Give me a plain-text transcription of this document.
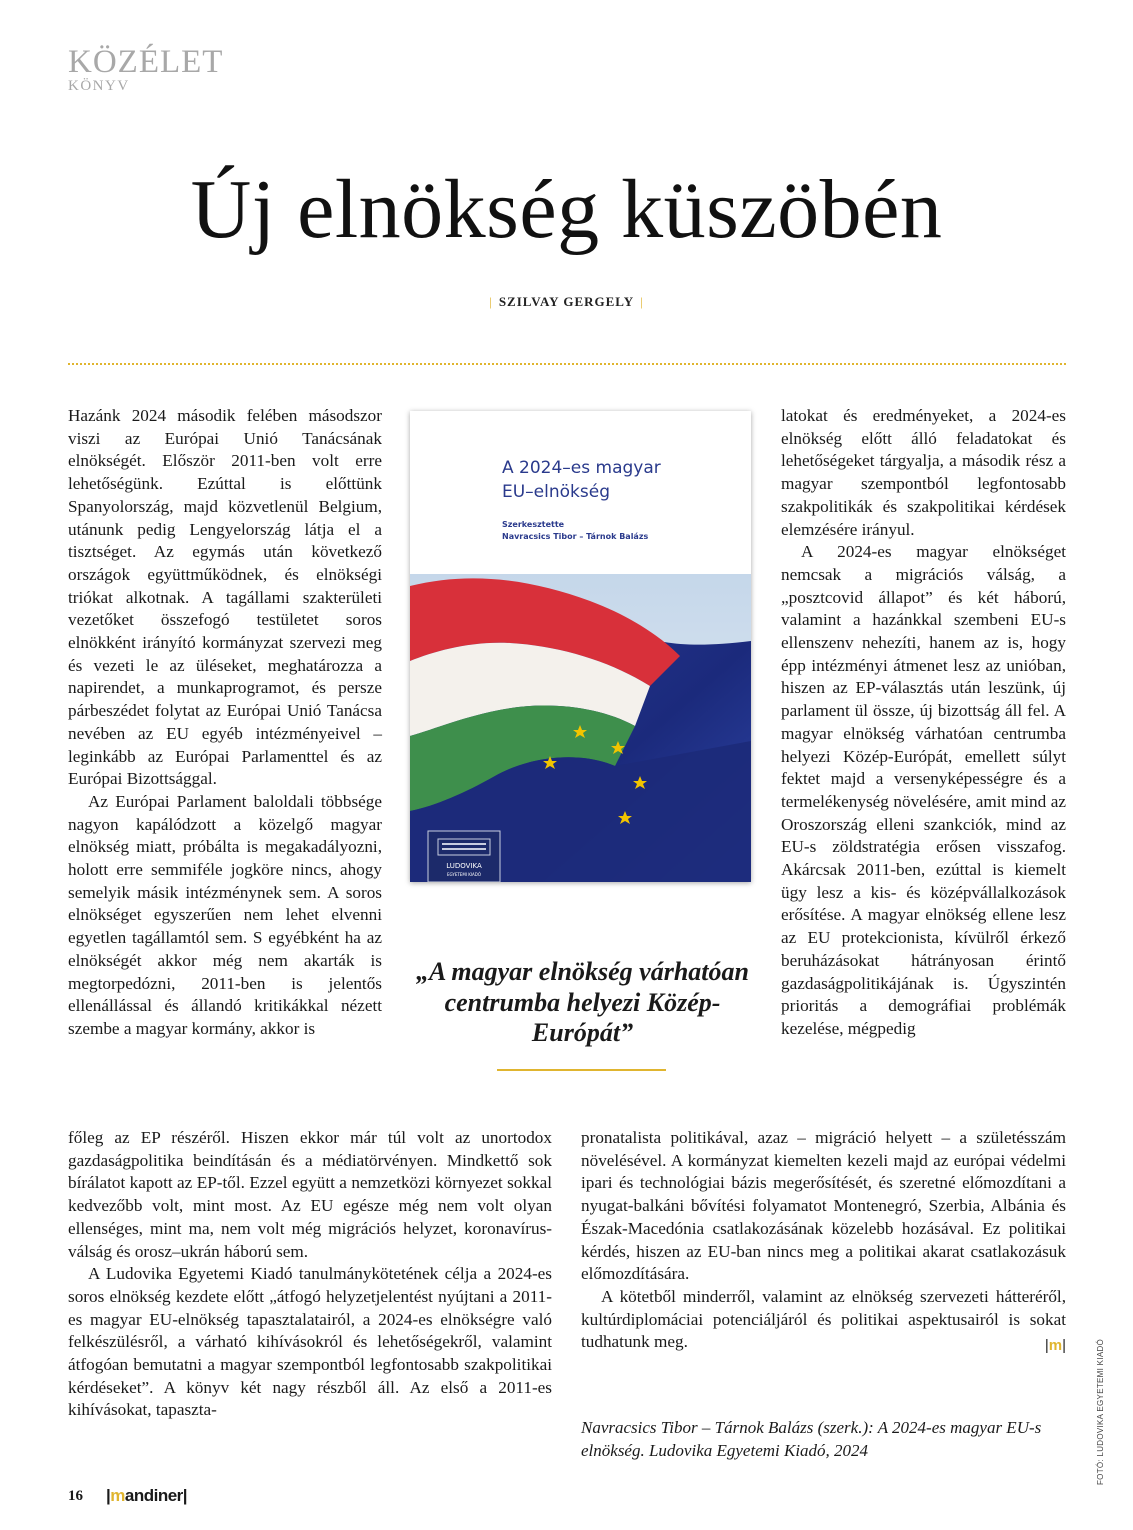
KÖZÉLET
KÖNYV
Új elnökség küszöbén
| SZILVAY GERGELY |

Hazánk 2024 második felében másodszor viszi az Európai Unió Tanácsának elnökségét. Először 2011-ben volt erre lehetőségünk. Ezúttal is előttünk Spanyolország, majd közvetlenül Belgium, utánunk pedig Lengyelország látja el a tisztséget. Az egymás után következő országok együttműködnek, és elnökségi triókat alkotnak. A tagállami szakterületi vezetőket összefogó testületet soros elnökként irányító kormányzat szervezi meg és vezeti le az üléseket, meghatározza a napirendet, a munkaprogramot, és persze párbeszédet folytat az Európai Unió Tanácsa nevében az EU egyéb intézményeivel – leginkább az Európai Parlamenttel és az Európai Bizottsággal.

Az Európai Parlament baloldali többsége nagyon kapálódzott a közelgő magyar elnökség miatt, próbálta is megakadályozni, holott erre semmiféle jogköre nincs, ahogy semelyik másik intézménynek sem. A soros elnökséget egyszerűen nem lehet elvenni egyetlen tagállamtól sem. S egyébként ha az elnökségét akkor még nem akarták is megtorpedózni, 2011-ben is jelentős ellenállással és állandó kritikákkal nézett szembe a magyar kormány, akkor is

A 2024–es magyar
EU–elnökség
Szerkesztette
Navracsics Tibor – Tárnok Balázs
LUDOVIKA
EGYETEMI KIADÓ
„A magyar elnökség várhatóan centrumba helyezi Közép-Európát”

latokat és eredményeket, a 2024-es elnökség előtt álló feladatokat és lehetőségeket tárgyalja, a második rész a magyar szempontból legfontosabb szakpolitikák és szakpolitikai kérdések elemzésére irányul.

A 2024-es magyar elnökséget nemcsak a migrációs válság, a „posztcovid állapot” és két háború, valamint a hazánkkal szembeni EU-s ellenszenv nehezíti, hanem az is, hogy épp intézményi átmenet lesz az unióban, hiszen az EP-választás után leszünk, új parlament ül össze, új bizottság áll fel. A magyar elnökség várhatóan centrumba helyezi Közép-Európát, emellett súlyt fektet majd a versenyképességre és a termelékenység növelésére, amit mind az Oroszország elleni szankciók, mind az EU-s zöldstratégia erősen visszafog. Akárcsak 2011-ben, ezúttal is kiemelt ügy lesz a kis- és középvállalkozások erősítése. A magyar elnökség ellene lesz az EU protekcionista, kívülről érkező beruházásokat hátrányosan érintő gazdaságpolitikájának is. Úgyszintén prioritás a demográfiai problémák kezelése, mégpedig

főleg az EP részéről. Hiszen ekkor már túl volt az unortodox gazdaságpolitika beindításán és a médiatörvényen. Mindkettő sok bírálatot kapott az EP-től. Ezzel együtt a nemzetközi környezet sokkal kedvezőbb volt, mint most. Az EU egésze még nem volt olyan ellenséges, mint ma, nem volt még migrációs helyzet, koronavírus-válság és orosz–ukrán háború sem.

A Ludovika Egyetemi Kiadó tanulmánykötetének célja a 2024-es soros elnökség kezdete előtt „átfogó helyzetjelentést nyújtani a 2011-es magyar EU-elnökség tapasztalatairól, a 2024-es elnökségre való felkészülésről, a várható kihívásokról és lehetőségekről, valamint átfogóan bemutatni a magyar szempontból legfontosabb szakpolitikai kérdéseket”. A könyv két nagy részből áll. Az első a 2011-es kihívásokat, tapaszta-

pronatalista politikával, azaz – migráció helyett – a születésszám növelésével. A kormányzat kiemelten kezeli majd az európai védelmi ipari és technológiai bázis megerősítését, és szeretné előmozdítani a nyugat-balkáni bővítési folyamatot Montenegró, Szerbia, Albánia és Észak-Macedónia csatlakozásának közelebb hozásával. Ez politikai kérdés, hiszen az EU-ban nincs meg a politikai akarat csatlakozásuk előmozdítására.

A kötetből minderről, valamint az elnökség szervezeti hátteréről, kultúrdiplomáciai potenciáljáról és politikai aspektusairól is sokat tudhatunk meg.	|m|

Navracsics Tibor – Tárnok Balázs (szerk.): A 2024-es magyar EU-s elnökség. Ludovika Egyetemi Kiadó, 2024
16 |mandiner|
FOTÓ: LUDOVIKA EGYETEMI KIADÓ
